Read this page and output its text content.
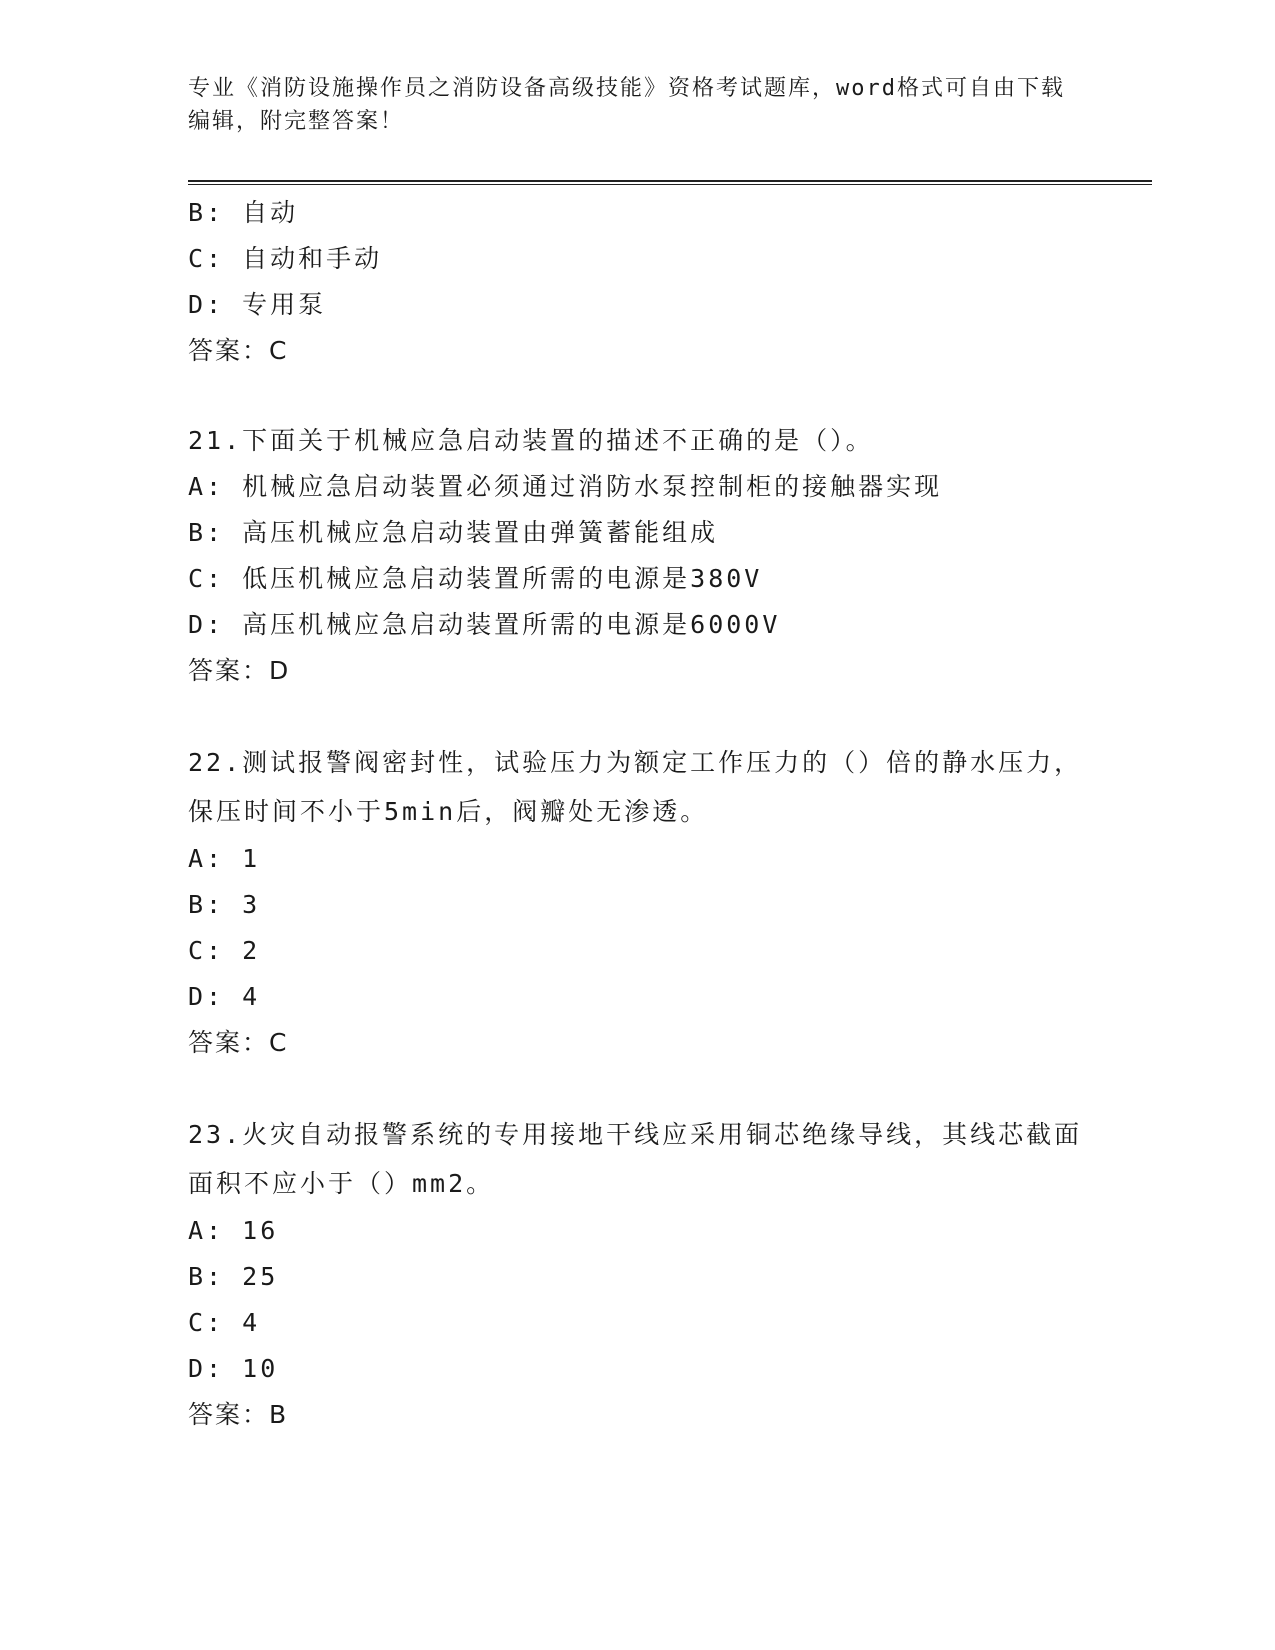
专业《消防设施操作员之消防设备高级技能》资格考试题库，word格式可自由下载编辑，附完整答案！
B: 自动
C: 自动和手动
D: 专用泵
答案：C
21.下面关于机械应急启动装置的描述不正确的是（）。
A: 机械应急启动装置必须通过消防水泵控制柜的接触器实现
B: 高压机械应急启动装置由弹簧蓄能组成
C: 低压机械应急启动装置所需的电源是380V
D: 高压机械应急启动装置所需的电源是6000V
答案：D
22.测试报警阀密封性，试验压力为额定工作压力的（）倍的静水压力，保压时间不小于5min后，阀瓣处无渗透。
A: 1
B: 3
C: 2
D: 4
答案：C
23.火灾自动报警系统的专用接地干线应采用铜芯绝缘导线，其线芯截面面积不应小于（）mm2。
A: 16
B: 25
C: 4
D: 10
答案：B
